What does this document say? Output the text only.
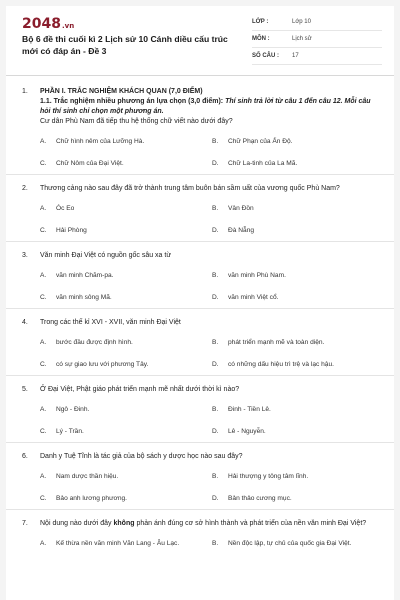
2048.vn
Bộ 6 đề thi cuối kì 2 Lịch sử 10 Cánh diều cấu trúc mới có đáp án - Đề 3
LỚP :	Lớp 10
MÔN :	Lịch sử
SỐ CÂU :	17
1.	PHẦN I. TRẮC NGHIỆM KHÁCH QUAN (7,0 ĐIỂM)
1.1. Trắc nghiệm nhiều phương án lựa chọn (3,0 điểm): Thí sinh trả lời từ câu 1 đến câu 12. Mỗi câu hỏi thí sinh chỉ chọn một phương án.
Cư dân Phù Nam đã tiếp thu hệ thống chữ viết nào dưới đây?
A.	Chữ hình nêm của Lưỡng Hà.	B.	Chữ Phạn của Ấn Độ.
C.	Chữ Nôm của Đại Việt.	D.	Chữ La-tinh của La Mã.
2.	Thương cảng nào sau đây đã trở thành trung tâm buôn bán sầm uất của vương quốc Phù Nam?
A.	Óc Eo	B.	Vân Đồn
C.	Hải Phòng	D.	Đà Nẵng
3.	Văn minh Đại Việt có nguồn gốc sâu xa từ
A.	văn minh Chăm-pa.	B.	văn minh Phù Nam.
C.	văn minh sông Mã.	D.	văn minh Việt cổ.
4.	Trong các thế kỉ XVI - XVII, văn minh Đại Việt
A.	bước đầu được định hình.	B.	phát triển mạnh mẽ và toàn diện.
C.	có sự giao lưu với phương Tây.	D.	có những dấu hiệu trì trệ và lạc hậu.
5.	Ở Đại Việt, Phật giáo phát triển mạnh mẽ nhất dưới thời kì nào?
A.	Ngô - Đinh.	B.	Đinh - Tiền Lê.
C.	Lý - Trần.	D.	Lê - Nguyễn.
6.	Danh y Tuệ Tĩnh là tác giả của bộ sách y dược học nào sau đây?
A.	Nam dược thần hiệu.	B.	Hải thượng y tông tâm lĩnh.
C.	Bảo anh lương phương.	D.	Bản thảo cương mục.
7.	Nội dung nào dưới đây không phản ánh đúng cơ sở hình thành và phát triển của nền văn minh Đại Việt?
A.	Kế thừa nền văn minh Văn Lang - Âu Lạc.	B.	Nền độc lập, tự chủ của quốc gia Đại Việt.
